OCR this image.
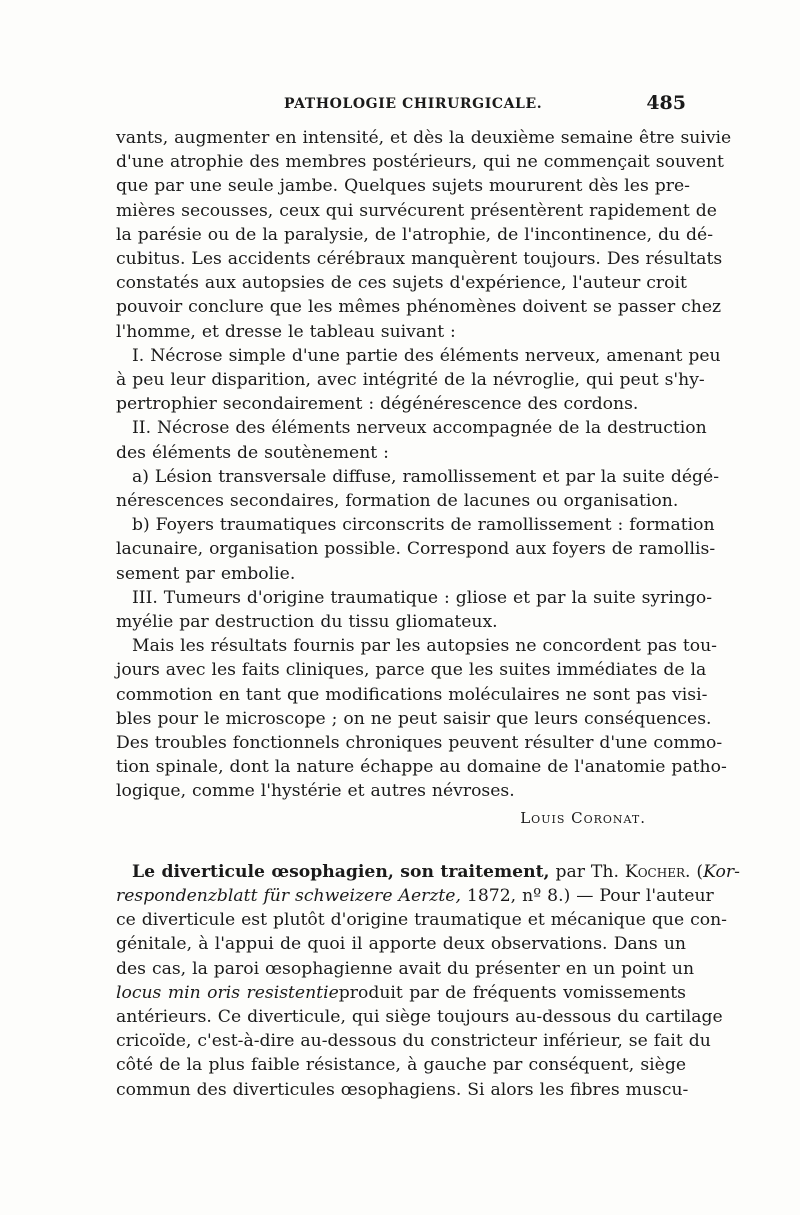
PATHOLOGIE CHIRURGICALE.	485

vants, augmenter en intensité, et dès la deuxième semaine être suivie
d'une atrophie des membres postérieurs, qui ne commençait souvent
que par une seule jambe. Quelques sujets moururent dès les pre-
mières secousses, ceux qui survécurent présentèrent rapidement de
la parésie ou de la paralysie, de l'atrophie, de l'incontinence, du dé-
cubitus. Les accidents cérébraux manquèrent toujours. Des résultats
constatés aux autopsies de ces sujets d'expérience, l'auteur croit
pouvoir conclure que les mêmes phénomènes doivent se passer chez
l'homme, et dresse le tableau suivant :

I. Nécrose simple d'une partie des éléments nerveux, amenant peu
à peu leur disparition, avec intégrité de la névroglie, qui peut s'hy-
pertrophier secondairement : dégénérescence des cordons.

II. Nécrose des éléments nerveux accompagnée de la destruction
des éléments de soutènement :

a) Lésion transversale diffuse, ramollissement et par la suite dégé-
nérescences secondaires, formation de lacunes ou organisation.

b) Foyers traumatiques circonscrits de ramollissement : formation
lacunaire, organisation possible. Correspond aux foyers de ramollis-
sement par embolie.

III. Tumeurs d'origine traumatique : gliose et par la suite syringo-
myélie par destruction du tissu gliomateux.

Mais les résultats fournis par les autopsies ne concordent pas tou-
jours avec les faits cliniques, parce que les suites immédiates de la
commotion en tant que modifications moléculaires ne sont pas visi-
bles pour le microscope ; on ne peut saisir que leurs conséquences.
Des troubles fonctionnels chroniques peuvent résulter d'une commo-
tion spinale, dont la nature échappe au domaine de l'anatomie patho-
logique, comme l'hystérie et autres névroses.

Louis Coronat.

Le diverticule œsophagien, son traitement, par Th. Kocher. (Kor-
respondenzblatt für schweizere Aerzte, 1872, nº 8.) — Pour l'auteur
ce diverticule est plutôt d'origine traumatique et mécanique que con-
génitale, à l'appui de quoi il apporte deux observations. Dans un
des cas, la paroi œsophagienne avait du présenter en un point un
locus min oris resistentieproduit par de fréquents vomissements
antérieurs. Ce diverticule, qui siège toujours au-dessous du cartilage
cricoïde, c'est-à-dire au-dessous du constricteur inférieur, se fait du
côté de la plus faible résistance, à gauche par conséquent, siège
commun des diverticules œsophagiens. Si alors les fibres muscu-
